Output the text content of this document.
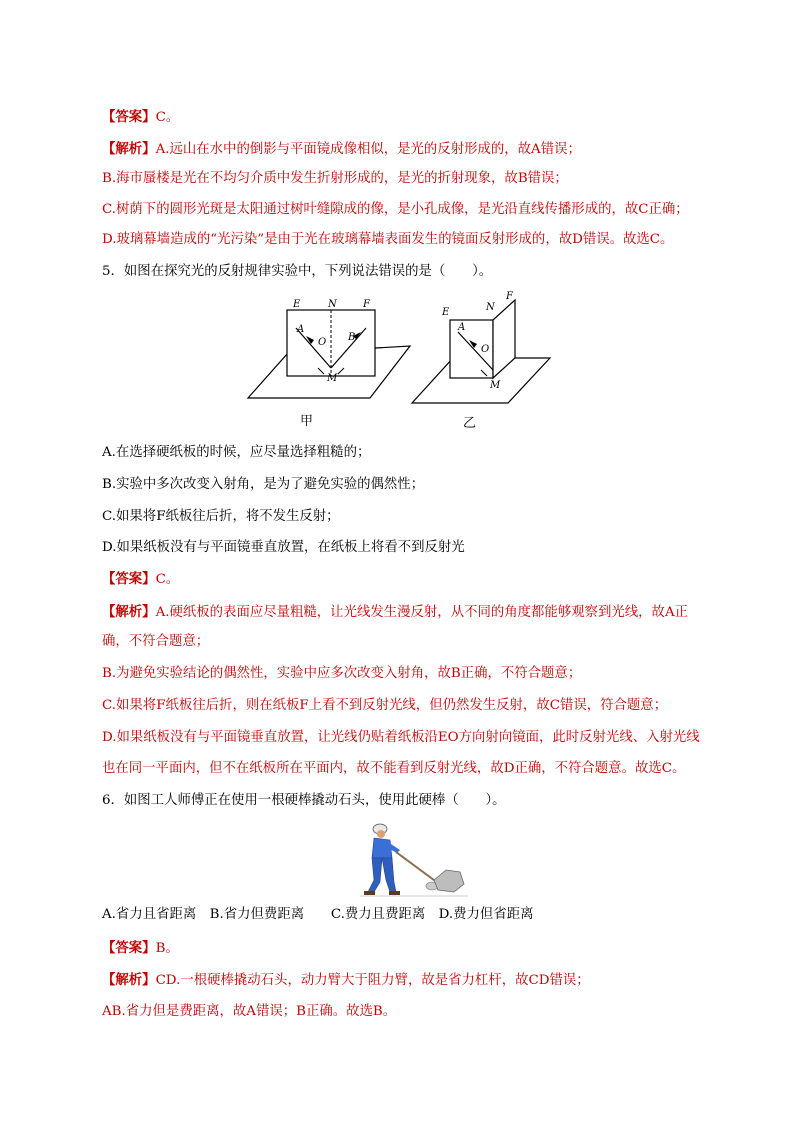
【答案】C。
【解析】A.远山在水中的倒影与平面镜成像相似，是光的反射形成的，故A错误；
B.海市蜃楼是光在不均匀介质中发生折射形成的，是光的折射现象，故B错误；
C.树荫下的圆形光斑是太阳通过树叶缝隙成的像，是小孔成像，是光沿直线传播形成的，故C正确；
D.玻璃幕墙造成的“光污染”是由于光在玻璃幕墙表面发生的镜面反射形成的，故D错误。故选C。
5．如图在探究光的反射规律实验中，下列说法错误的是（　　）。
E	N	F
A
O B
M
E	N
F
A
O
M
甲	乙
A.在选择硬纸板的时候，应尽量选择粗糙的；
B.实验中多次改变入射角，是为了避免实验的偶然性；
C.如果将F纸板往后折，将不发生反射；
D.如果纸板没有与平面镜垂直放置，在纸板上将看不到反射光
【答案】C。
【解析】A.硬纸板的表面应尽量粗糙，让光线发生漫反射，从不同的角度都能够观察到光线，故A正
确，不符合题意；
B.为避免实验结论的偶然性，实验中应多次改变入射角，故B正确，不符合题意；
C.如果将F纸板往后折，则在纸板F上看不到反射光线，但仍然发生反射，故C错误，符合题意；
D.如果纸板没有与平面镜垂直放置，让光线仍贴着纸板沿EO方向射向镜面，此时反射光线、入射光线
也在同一平面内，但不在纸板所在平面内，故不能看到反射光线，故D正确，不符合题意。故选C。
6．如图工人师傅正在使用一根硬棒撬动石头，使用此硬棒（　　）。
A.省力且省距离　B.省力但费距离　　C.费力且费距离　D.费力但省距离
【答案】B。
【解析】CD.一根硬棒撬动石头，动力臂大于阻力臂，故是省力杠杆，故CD错误；
AB.省力但是费距离，故A错误；B正确。故选B。
